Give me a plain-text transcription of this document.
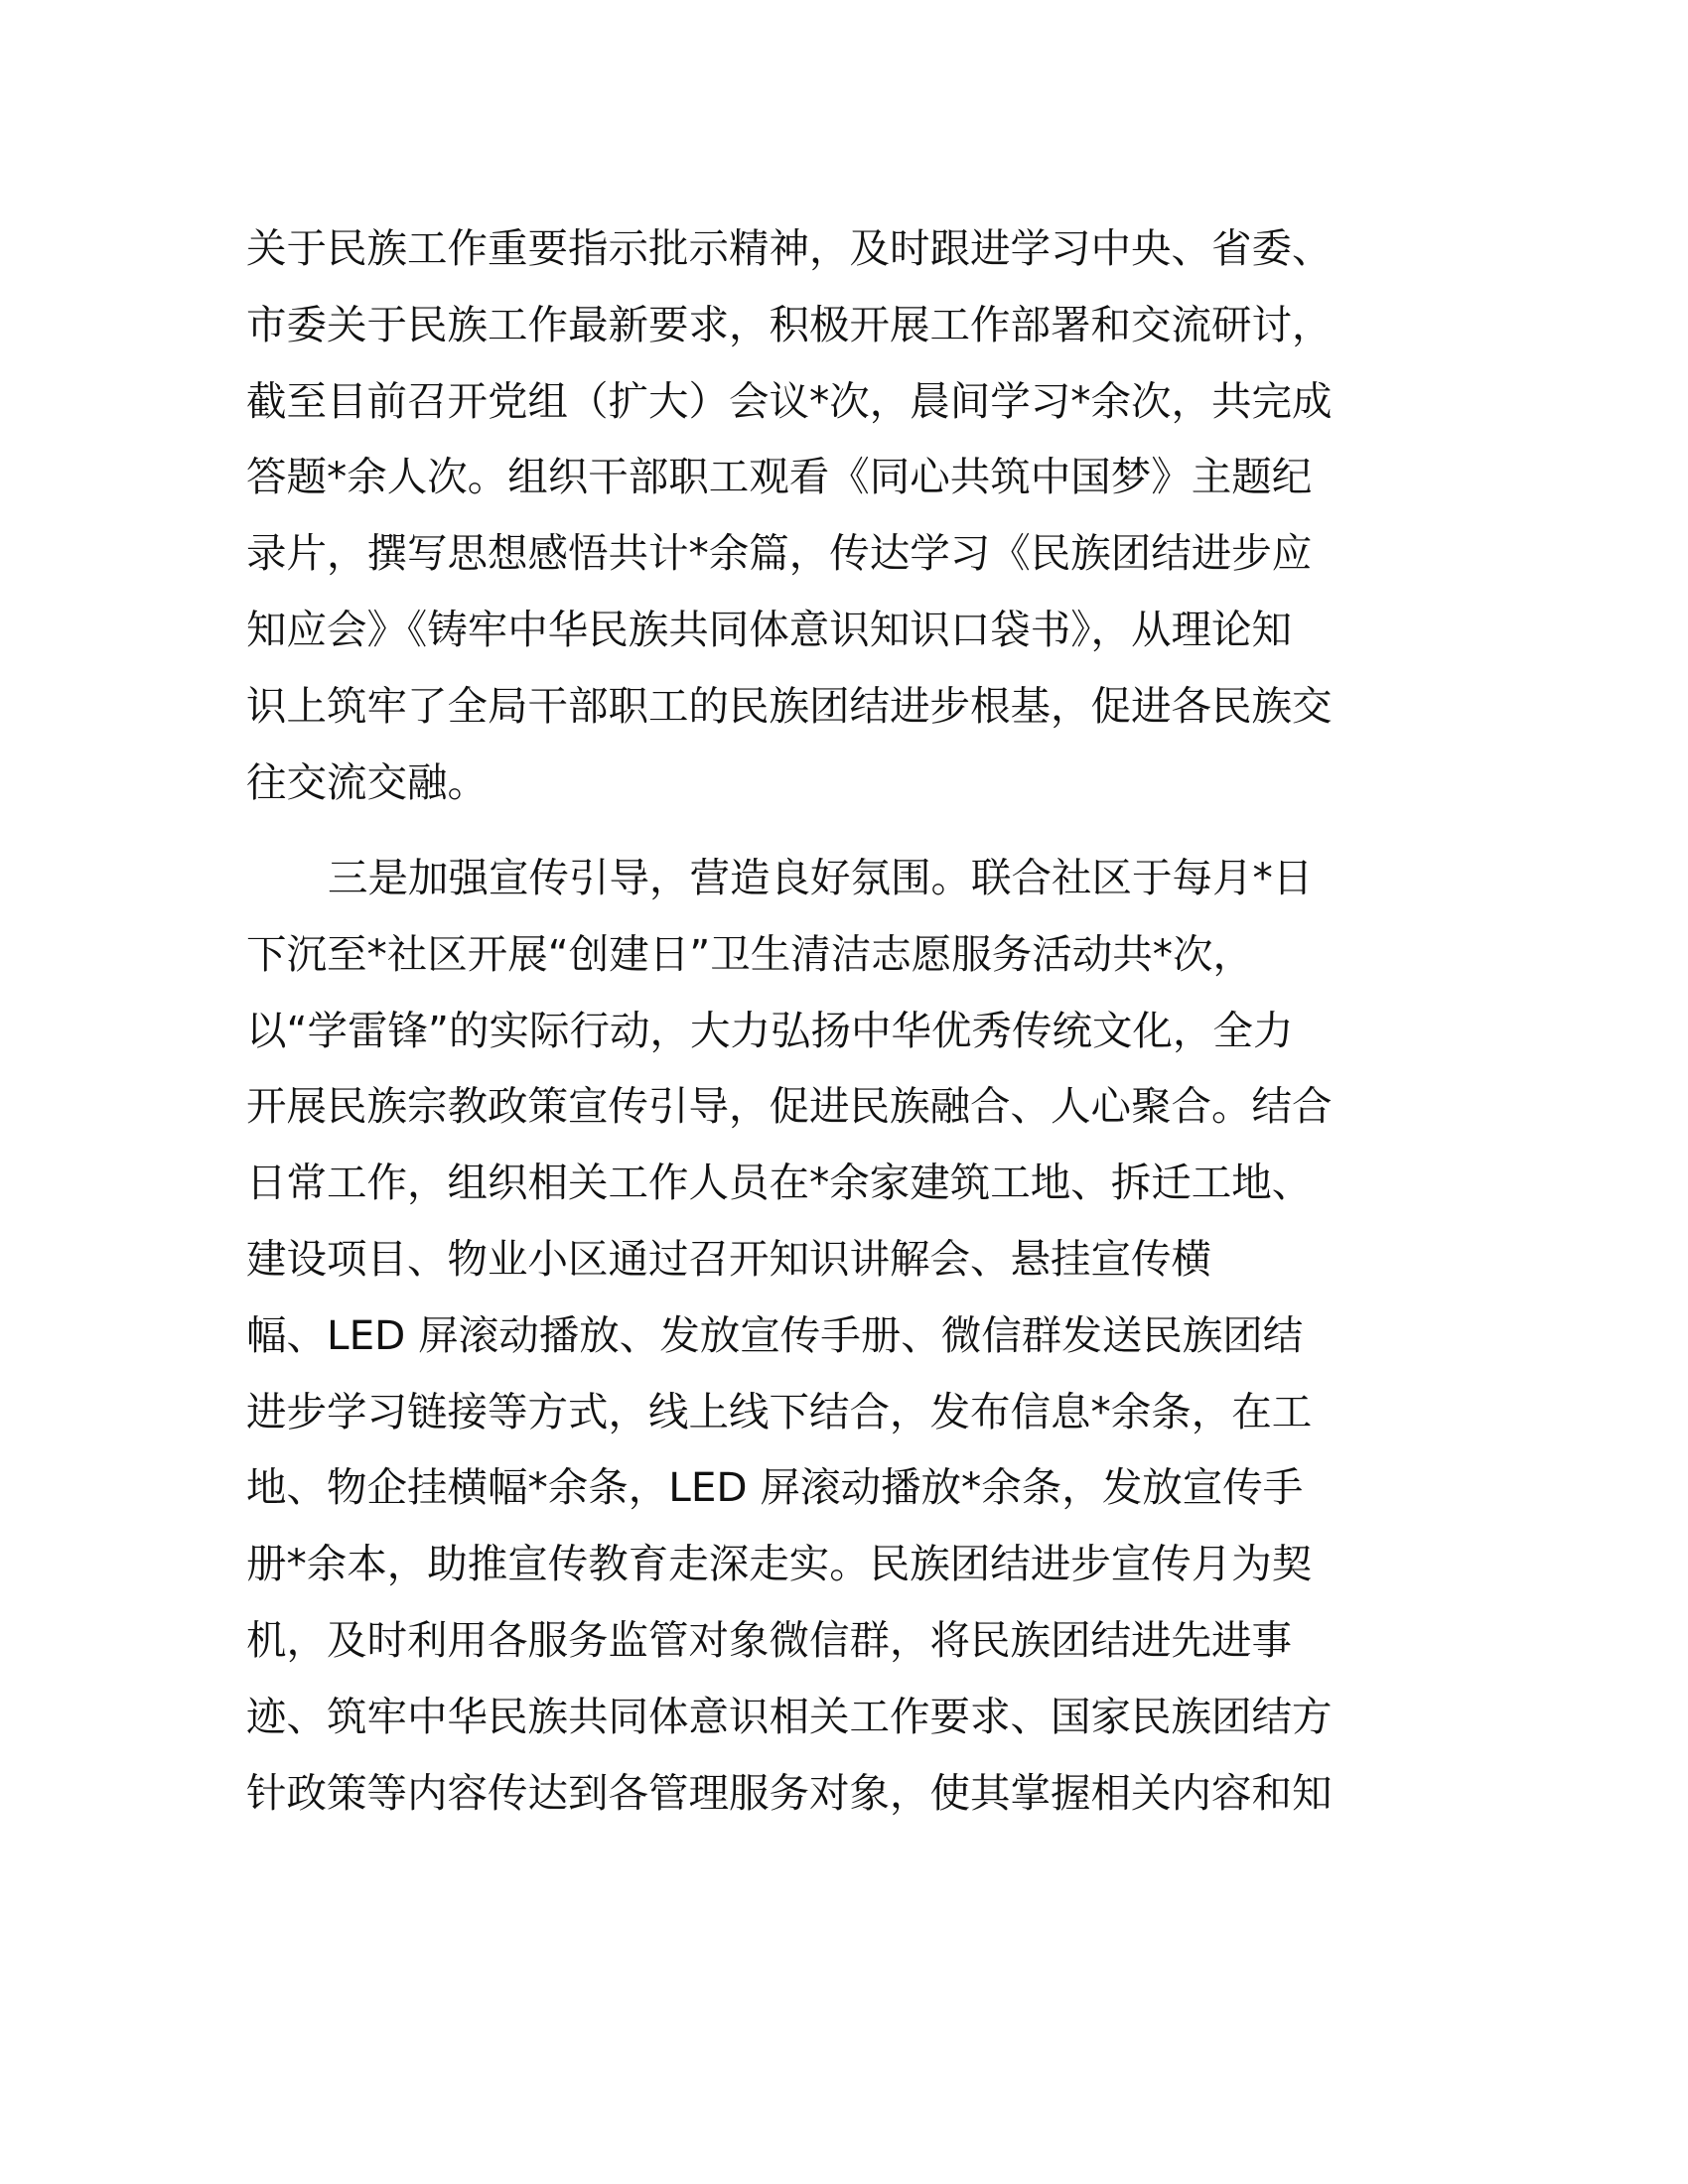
关于民族工作重要指示批示精神，及时跟进学习中央、省委、
市委关于民族工作最新要求，积极开展工作部署和交流研讨，
截至目前召开党组（扩大）会议*次，晨间学习*余次，共完成
答题*余人次。组织干部职工观看《同心共筑中国梦》主题纪
录片，撰写思想感悟共计*余篇，传达学习《民族团结进步应
知应会》《铸牢中华民族共同体意识知识口袋书》，从理论知
识上筑牢了全局干部职工的民族团结进步根基，促进各民族交
往交流交融。
三是加强宣传引导，营造良好氛围。联合社区于每月*日
下沉至*社区开展“创建日”卫生清洁志愿服务活动共*次，
以“学雷锋”的实际行动，大力弘扬中华优秀传统文化，全力
开展民族宗教政策宣传引导，促进民族融合、人心聚合。结合
日常工作，组织相关工作人员在*余家建筑工地、拆迁工地、
建设项目、物业小区通过召开知识讲解会、悬挂宣传横
幅、LED 屏滚动播放、发放宣传手册、微信群发送民族团结
进步学习链接等方式，线上线下结合，发布信息*余条，在工
地、物企挂横幅*余条，LED 屏滚动播放*余条，发放宣传手
册*余本，助推宣传教育走深走实。民族团结进步宣传月为契
机，及时利用各服务监管对象微信群，将民族团结进先进事
迹、筑牢中华民族共同体意识相关工作要求、国家民族团结方
针政策等内容传达到各管理服务对象，使其掌握相关内容和知
